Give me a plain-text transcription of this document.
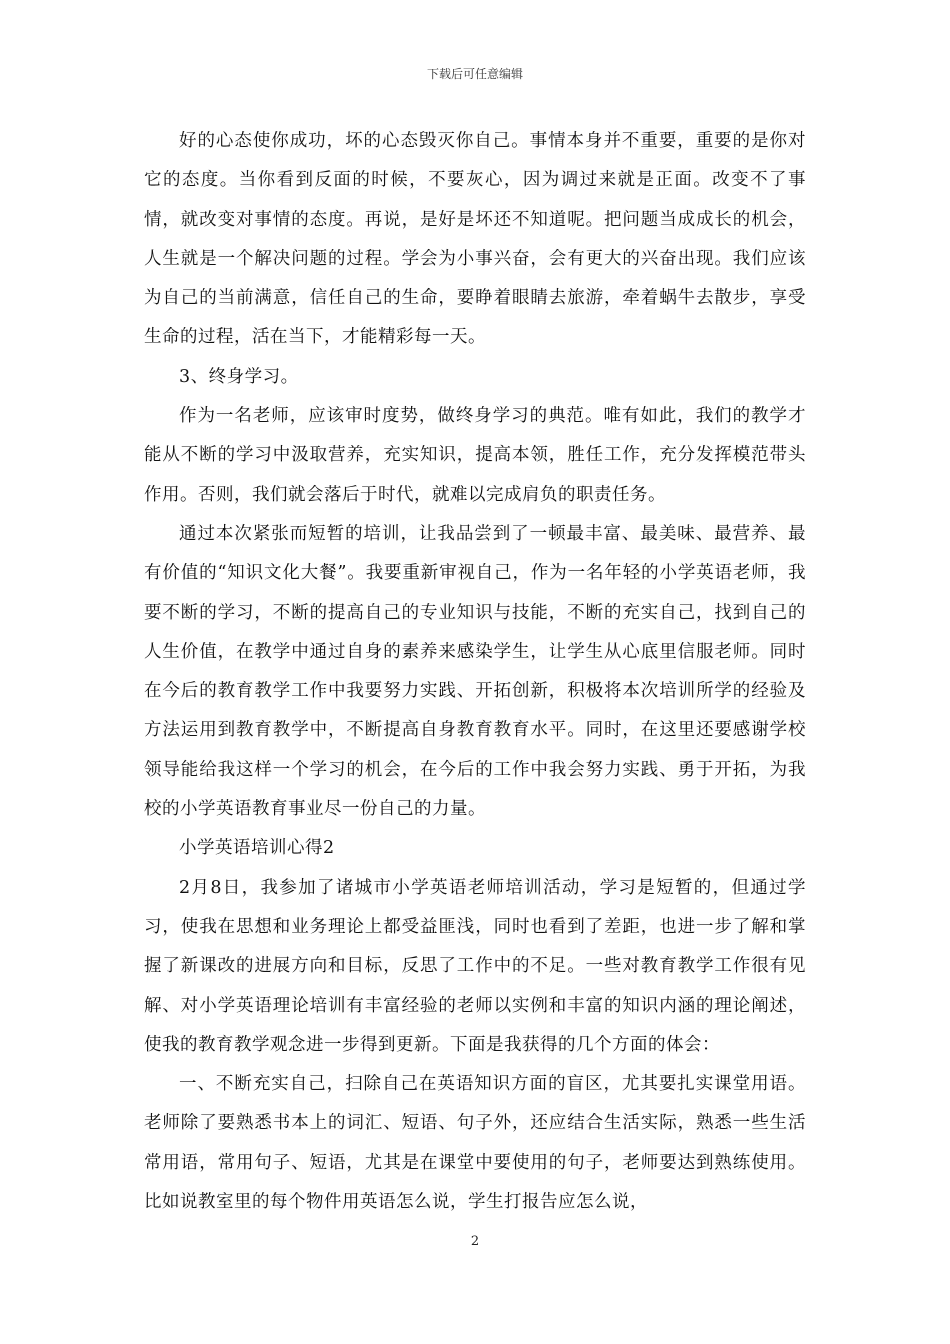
下载后可任意编辑

好的心态使你成功，坏的心态毁灭你自己。事情本身并不重要，重要的是你对它的态度。当你看到反面的时候，不要灰心，因为调过来就是正面。改变不了事情，就改变对事情的态度。再说，是好是坏还不知道呢。把问题当成成长的机会，人生就是一个解决问题的过程。学会为小事兴奋，会有更大的兴奋出现。我们应该为自己的当前满意，信任自己的生命，要睁着眼睛去旅游，牵着蜗牛去散步，享受生命的过程，活在当下，才能精彩每一天。

3、终身学习。

作为一名老师，应该审时度势，做终身学习的典范。唯有如此，我们的教学才能从不断的学习中汲取营养，充实知识，提高本领，胜任工作，充分发挥模范带头作用。否则，我们就会落后于时代，就难以完成肩负的职责任务。

通过本次紧张而短暂的培训，让我品尝到了一顿最丰富、最美味、最营养、最有价值的“知识文化大餐”。我要重新审视自己，作为一名年轻的小学英语老师，我要不断的学习，不断的提高自己的专业知识与技能，不断的充实自己，找到自己的人生价值，在教学中通过自身的素养来感染学生，让学生从心底里信服老师。同时在今后的教育教学工作中我要努力实践、开拓创新，积极将本次培训所学的经验及方法运用到教育教学中，不断提高自身教育教育水平。同时，在这里还要感谢学校领导能给我这样一个学习的机会，在今后的工作中我会努力实践、勇于开拓，为我校的小学英语教育事业尽一份自己的力量。

小学英语培训心得2

2月8日，我参加了诸城市小学英语老师培训活动，学习是短暂的，但通过学习，使我在思想和业务理论上都受益匪浅，同时也看到了差距，也进一步了解和掌握了新课改的进展方向和目标，反思了工作中的不足。一些对教育教学工作很有见解、对小学英语理论培训有丰富经验的老师以实例和丰富的知识内涵的理论阐述，使我的教育教学观念进一步得到更新。下面是我获得的几个方面的体会：

一、不断充实自己，扫除自己在英语知识方面的盲区，尤其要扎实课堂用语。老师除了要熟悉书本上的词汇、短语、句子外，还应结合生活实际，熟悉一些生活常用语，常用句子、短语，尤其是在课堂中要使用的句子，老师要达到熟练使用。比如说教室里的每个物件用英语怎么说，学生打报告应怎么说，

2
